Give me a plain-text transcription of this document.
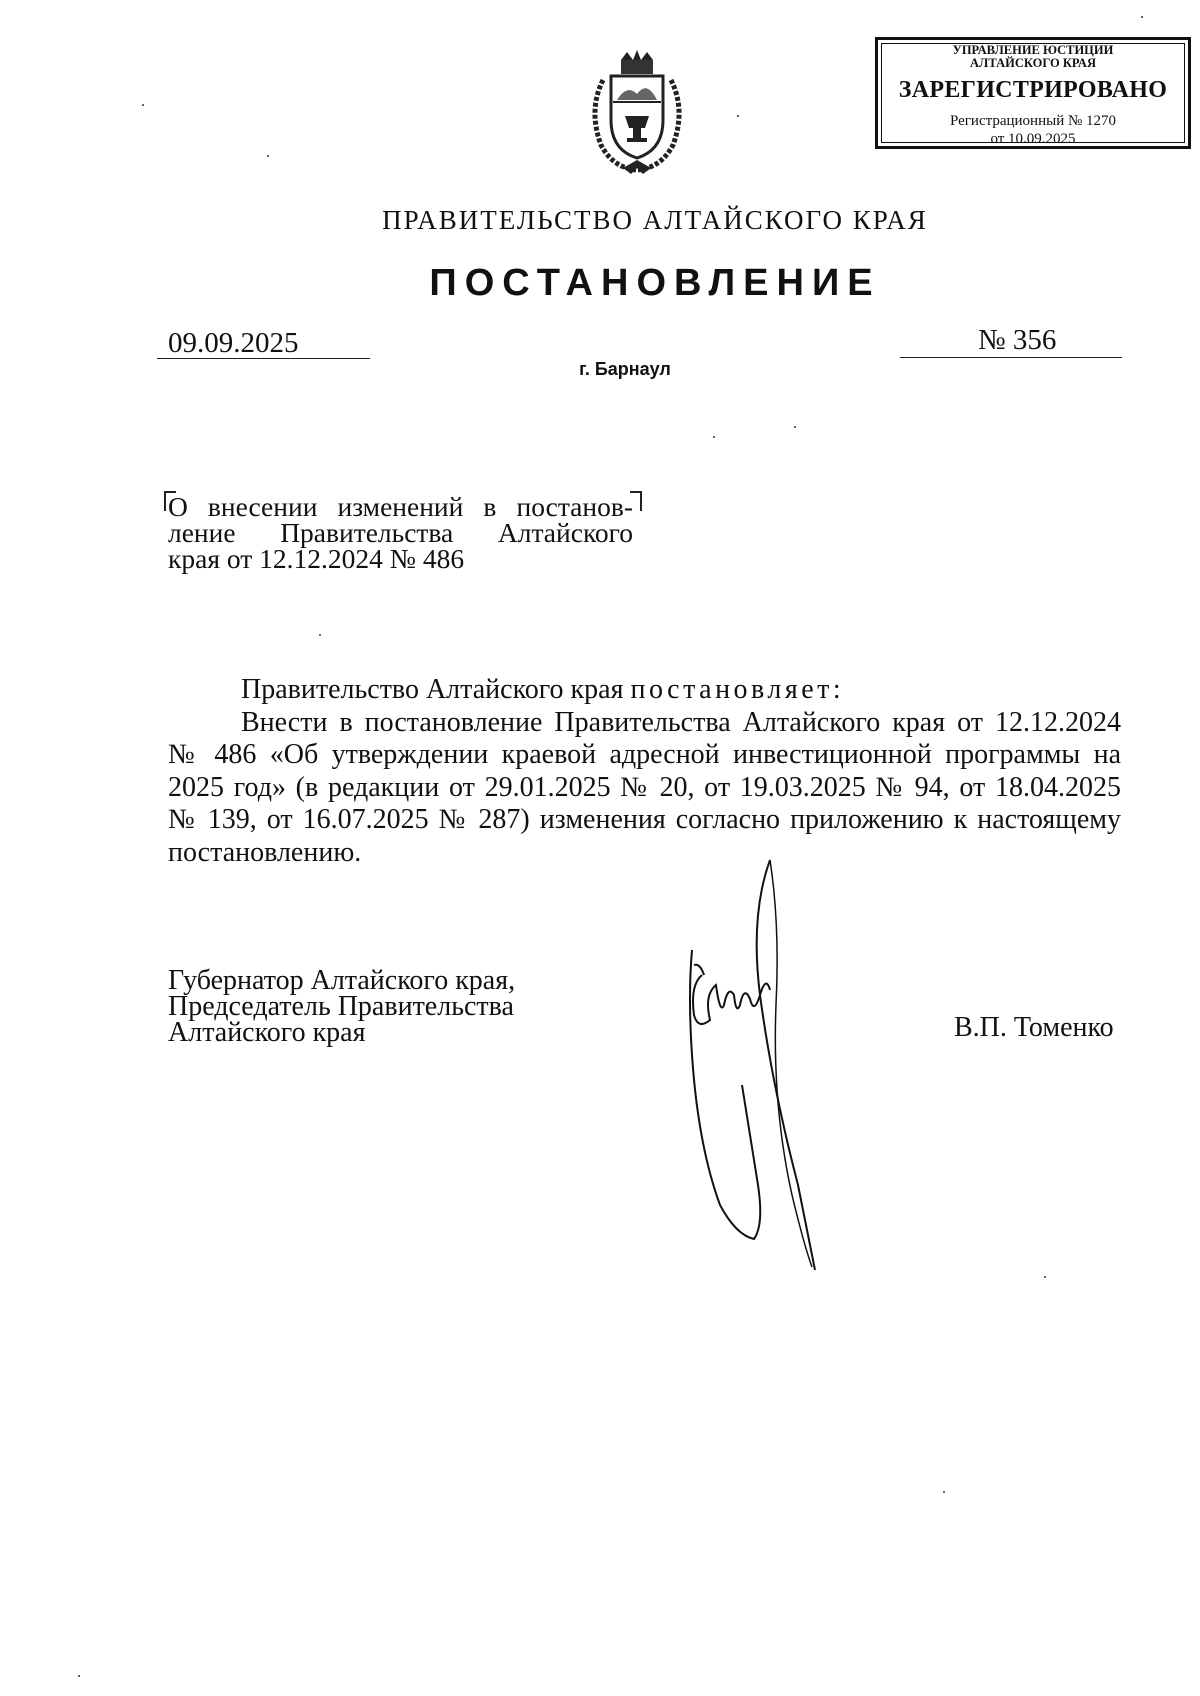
УПРАВЛЕНИЕ ЮСТИЦИИ
АЛТАЙСКОГО КРАЯ
ЗАРЕГИСТРИРОВАНО
Регистрационный № 1270
от 10.09.2025
ПРАВИТЕЛЬСТВО АЛТАЙСКОГО КРАЯ
ПОСТАНОВЛЕНИЕ
09.09.2025	№ 356
г. Барнаул
О внесении изменений в постанов-
ление Правительства Алтайского
края от 12.12.2024 № 486

Правительство Алтайского края постановляет:

Внести в постановление Правительства Алтайского края от 12.12.2024
№ 486 «Об утверждении краевой адресной инвестиционной программы на
2025 год» (в редакции от 29.01.2025 № 20, от 19.03.2025 № 94, от 18.04.2025
№ 139, от 16.07.2025 № 287) изменения согласно приложению к настоящему
постановлению.

Губернатор Алтайского края,
Председатель Правительства
Алтайского края	В.П. Томенко
